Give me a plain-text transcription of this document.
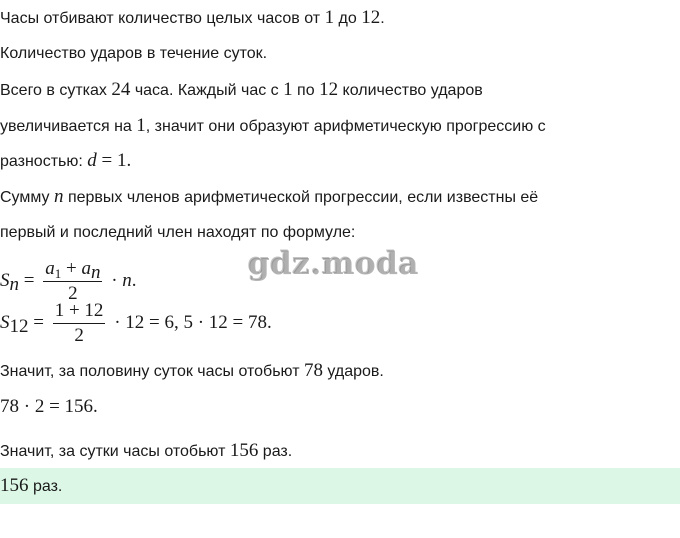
Часы отбивают количество целых часов от 1 до 12.
Количество ударов в течение суток.
Всего в сутках 24 часа. Каждый час с 1 по 12 количество ударов
увеличивается на 1, значит они образуют арифметическую прогрессию с
разностью: d = 1.
Сумму n первых членов арифметической прогрессии, если известны её
первый и последний член находят по формуле:
$S_n = \frac{a_1 + a_n}{2} \cdot n$.
$S_{12} = \frac{1 + 12}{2} \cdot 12 = 6$, 5 · 12 = 78.
Значит, за половину суток часы отобьют 78 ударов.
78 · 2 = 156.
Значит, за сутки часы отобьют 156 раз.
156 раз.
gdz.moda
